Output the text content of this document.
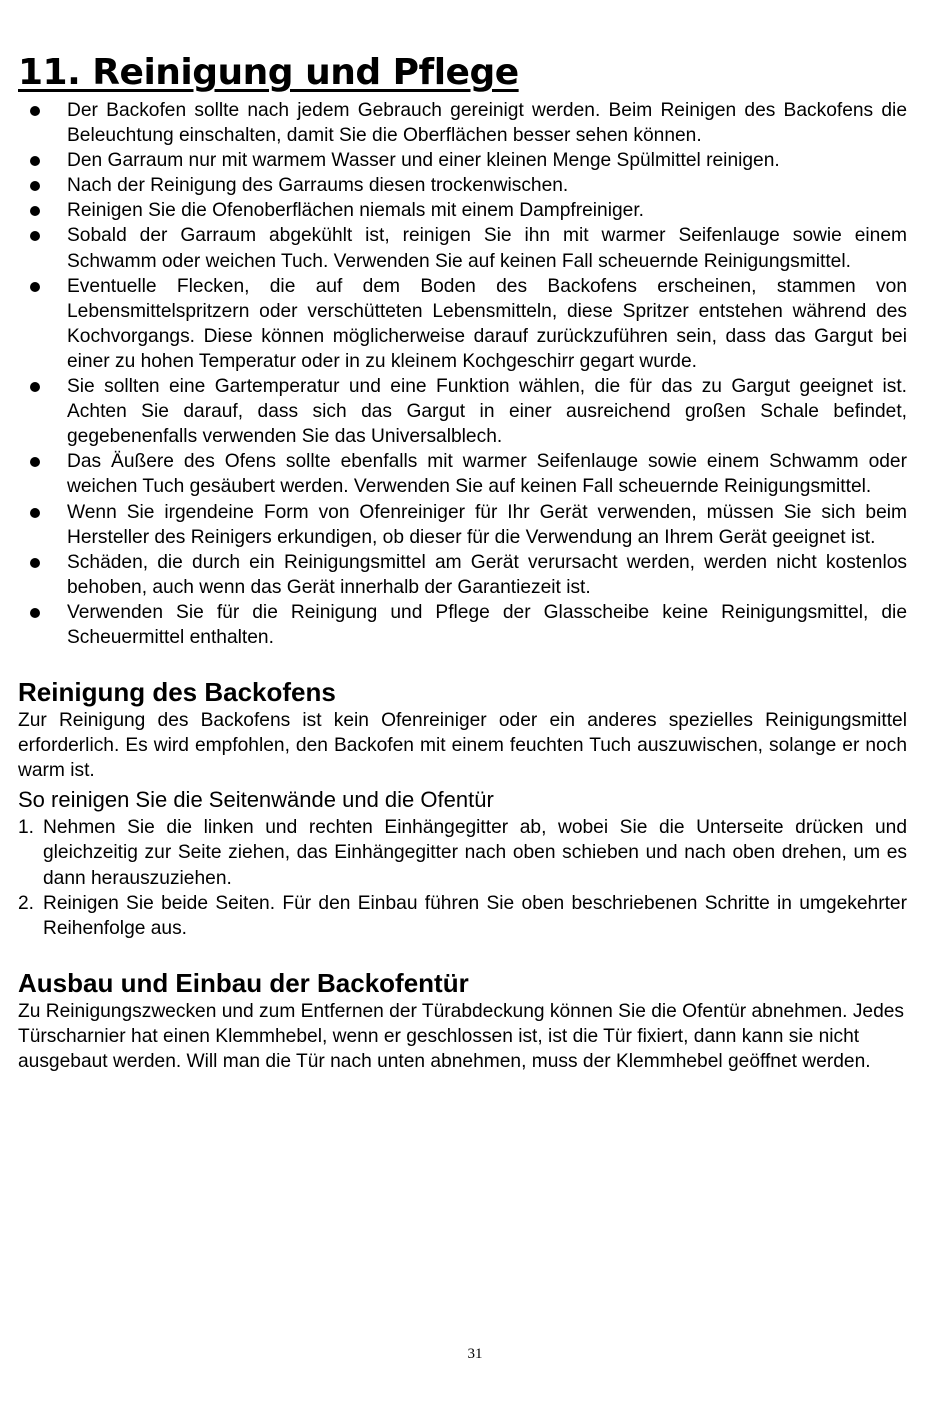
11. Reinigung und Pflege
Der Backofen sollte nach jedem Gebrauch gereinigt werden. Beim Reinigen des Backofens die Beleuchtung einschalten, damit Sie die Oberflächen besser sehen können.
Den Garraum nur mit warmem Wasser und einer kleinen Menge Spülmittel reinigen.
Nach der Reinigung des Garraums diesen trockenwischen.
Reinigen Sie die Ofenoberflächen niemals mit einem Dampfreiniger.
Sobald der Garraum abgekühlt ist, reinigen Sie ihn mit warmer Seifenlauge sowie einem Schwamm oder weichen Tuch. Verwenden Sie auf keinen Fall scheuernde Reinigungsmittel.
Eventuelle Flecken, die auf dem Boden des Backofens erscheinen, stammen von Lebensmittelspritzern oder verschütteten Lebensmitteln, diese Spritzer entstehen während des Kochvorgangs. Diese können möglicherweise darauf zurückzuführen sein, dass das Gargut bei einer zu hohen Temperatur oder in zu kleinem Kochgeschirr gegart wurde.
Sie sollten eine Gartemperatur und eine Funktion wählen, die für das zu Gargut geeignet ist. Achten Sie darauf, dass sich das Gargut in einer ausreichend großen Schale befindet, gegebenenfalls verwenden Sie das Universalblech.
Das Äußere des Ofens sollte ebenfalls mit warmer Seifenlauge sowie einem Schwamm oder weichen Tuch gesäubert werden. Verwenden Sie auf keinen Fall scheuernde Reinigungsmittel.
Wenn Sie irgendeine Form von Ofenreiniger für Ihr Gerät verwenden, müssen Sie sich beim Hersteller des Reinigers erkundigen, ob dieser für die Verwendung an Ihrem Gerät geeignet ist.
Schäden, die durch ein Reinigungsmittel am Gerät verursacht werden, werden nicht kostenlos behoben, auch wenn das Gerät innerhalb der Garantiezeit ist.
Verwenden Sie für die Reinigung und Pflege der Glasscheibe keine Reinigungsmittel, die Scheuermittel enthalten.
Reinigung des Backofens

Zur Reinigung des Backofens ist kein Ofenreiniger oder ein anderes spezielles Reinigungsmittel erforderlich. Es wird empfohlen, den Backofen mit einem feuchten Tuch auszuwischen, solange er noch warm ist.

So reinigen Sie die Seitenwände und die Ofentür
1. Nehmen Sie die linken und rechten Einhängegitter ab, wobei Sie die Unterseite drücken und gleichzeitig zur Seite ziehen, das Einhängegitter nach oben schieben und nach oben drehen, um es dann herauszuziehen.
2. Reinigen Sie beide Seiten. Für den Einbau führen Sie oben beschriebenen Schritte in umgekehrter Reihenfolge aus.
Ausbau und Einbau der Backofentür

Zu Reinigungszwecken und zum Entfernen der Türabdeckung können Sie die Ofentür abnehmen. Jedes Türscharnier hat einen Klemmhebel, wenn er geschlossen ist, ist die Tür fixiert, dann kann sie nicht ausgebaut werden. Will man die Tür nach unten abnehmen, muss der Klemmhebel geöffnet werden.

31
